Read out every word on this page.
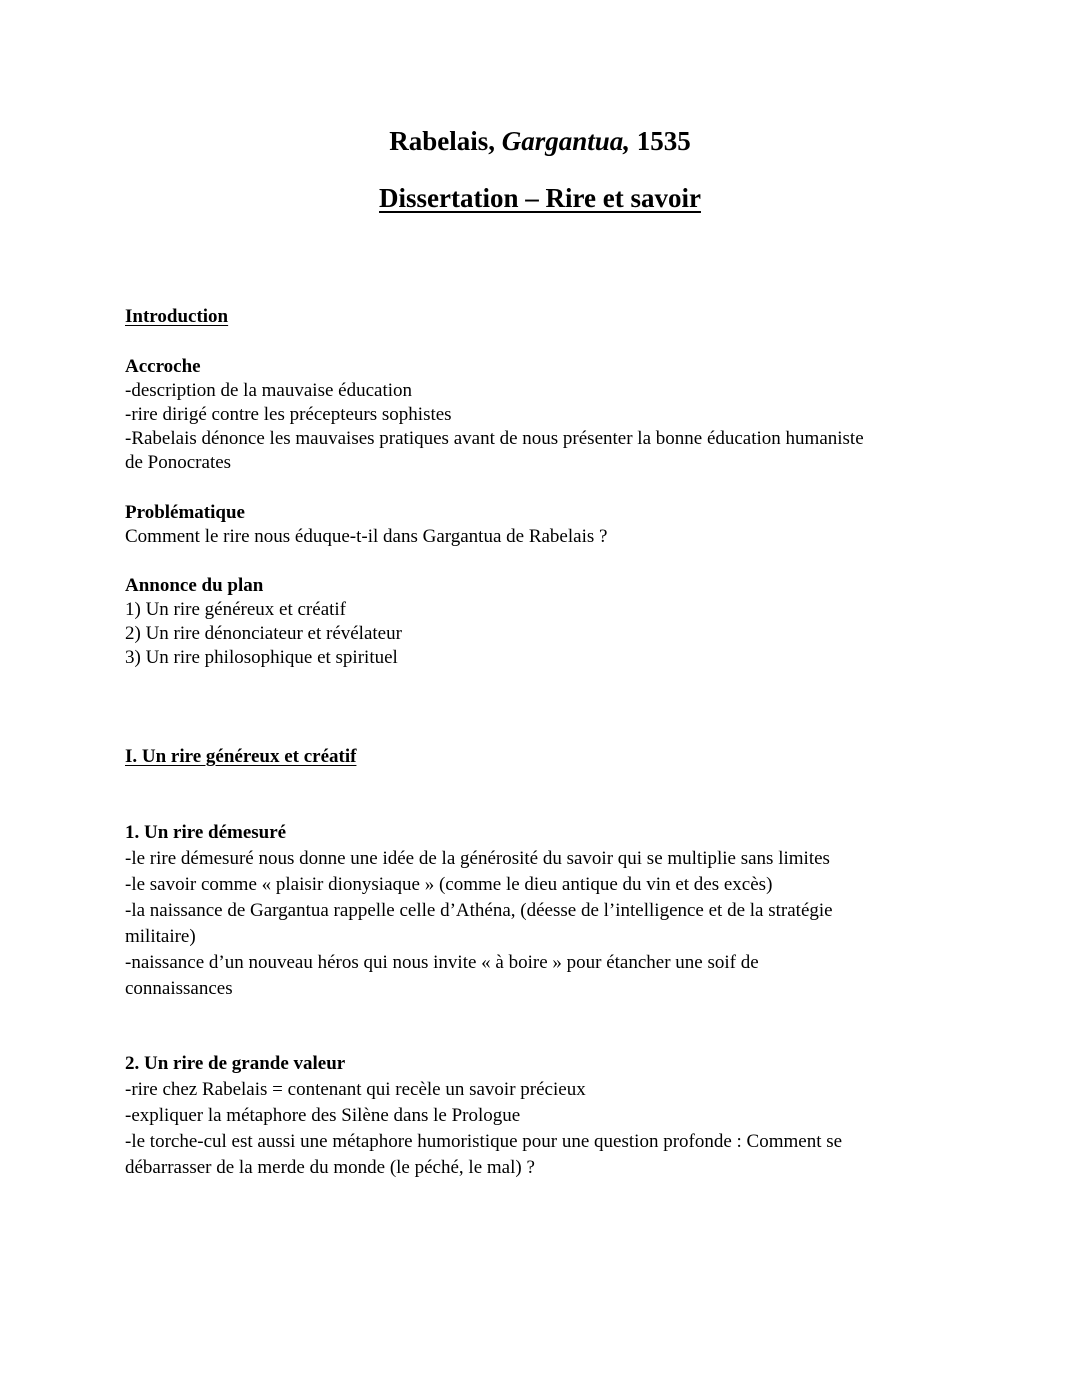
Rabelais, Gargantua, 1535
Dissertation – Rire et savoir
Introduction
Accroche
-description de la mauvaise éducation
-rire dirigé contre les précepteurs sophistes
-Rabelais dénonce les mauvaises pratiques avant de nous présenter la bonne éducation humaniste
de Ponocrates
Problématique
Comment le rire nous éduque-t-il dans Gargantua de Rabelais ?
Annonce du plan
1) Un rire généreux et créatif
2) Un rire dénonciateur et révélateur
3) Un rire philosophique et spirituel
I. Un rire généreux et créatif
1. Un rire démesuré
-le rire démesuré nous donne une idée de la générosité du savoir qui se multiplie sans limites
-le savoir comme « plaisir dionysiaque » (comme le dieu antique du vin et des excès)
-la naissance de Gargantua rappelle celle d’Athéna, (déesse de l’intelligence et de la stratégie
militaire)
-naissance d’un nouveau héros qui nous invite « à boire » pour étancher une soif de
connaissances
2. Un rire de grande valeur
-rire chez Rabelais = contenant qui recèle un savoir précieux
-expliquer la métaphore des Silène dans le Prologue
-le torche-cul est aussi une métaphore humoristique pour une question profonde : Comment se
débarrasser de la merde du monde (le péché, le mal) ?
